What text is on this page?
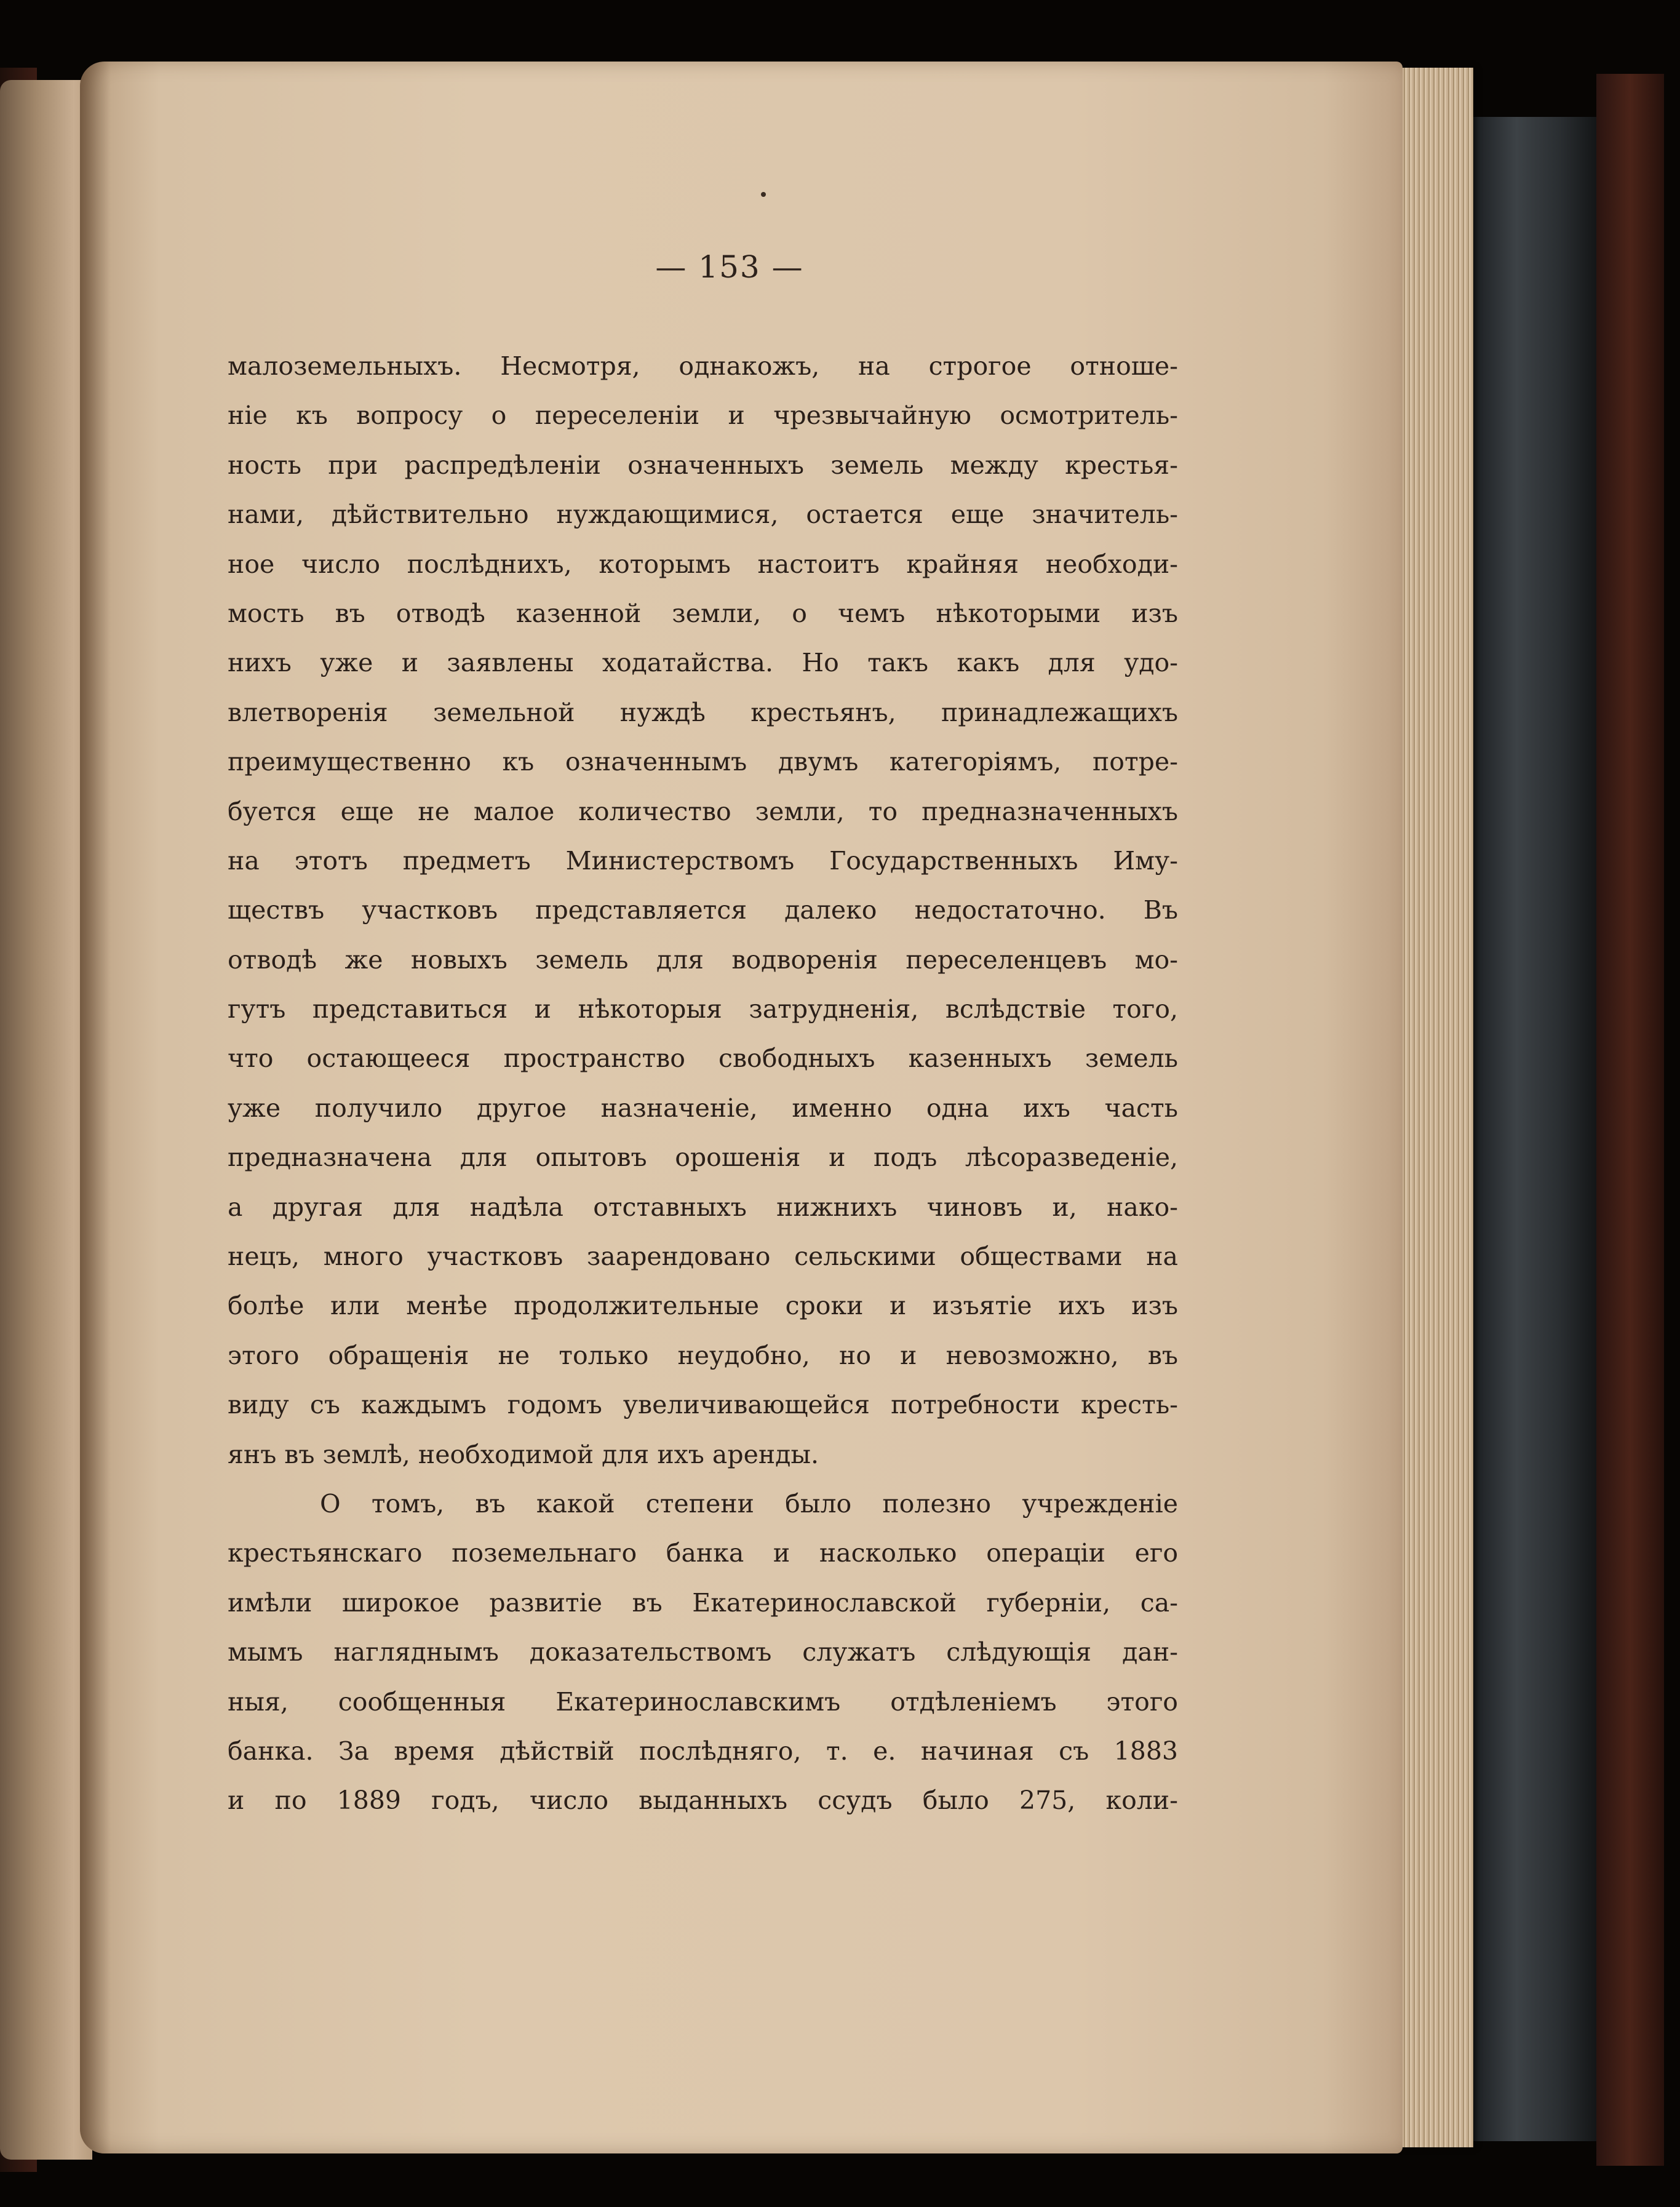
— 153 —
малоземельныхъ. Несмотря, однакожъ, на строгое отноше-
ніе къ вопросу о переселеніи и чрезвычайную осмотритель-
ность при распредѣленіи означенныхъ земель между крестья-
нами, дѣйствительно нуждающимися, остается еще значитель-
ное число послѣднихъ, которымъ настоитъ крайняя необходи-
мость въ отводѣ казенной земли, о чемъ нѣкоторыми изъ
нихъ уже и заявлены ходатайства. Но такъ какъ для удо-
влетворенія земельной нуждѣ крестьянъ, принадлежащихъ
преимущественно къ означеннымъ двумъ категоріямъ, потре-
буется еще не малое количество земли, то предназначенныхъ
на этотъ предметъ Министерствомъ Государственныхъ Иму-
ществъ участковъ представляется далеко недостаточно. Въ
отводѣ же новыхъ земель для водворенія переселенцевъ мо-
гутъ представиться и нѣкоторыя затрудненія, вслѣдствіе того,
что остающееся пространство свободныхъ казенныхъ земель
уже получило другое назначеніе, именно одна ихъ часть
предназначена для опытовъ орошенія и подъ лѣсоразведеніе,
а другая для надѣла отставныхъ нижнихъ чиновъ и, нако-
нецъ, много участковъ заарендовано сельскими обществами на
болѣе или менѣе продолжительные сроки и изъятіе ихъ изъ
этого обращенія не только неудобно, но и невозможно, въ
виду съ каждымъ годомъ увеличивающейся потребности кресть-
янъ въ землѣ, необходимой для ихъ аренды.
О томъ, въ какой степени было полезно учрежденіе
крестьянскаго поземельнаго банка и насколько операціи его
имѣли широкое развитіе въ Екатеринославской губерніи, са-
мымъ нагляднымъ доказательствомъ служатъ слѣдующія дан-
ныя, сообщенныя Екатеринославскимъ отдѣленіемъ этого
банка. За время дѣйствій послѣдняго, т. е. начиная съ 1883
и по 1889 годъ, число выданныхъ ссудъ было 275, коли-
